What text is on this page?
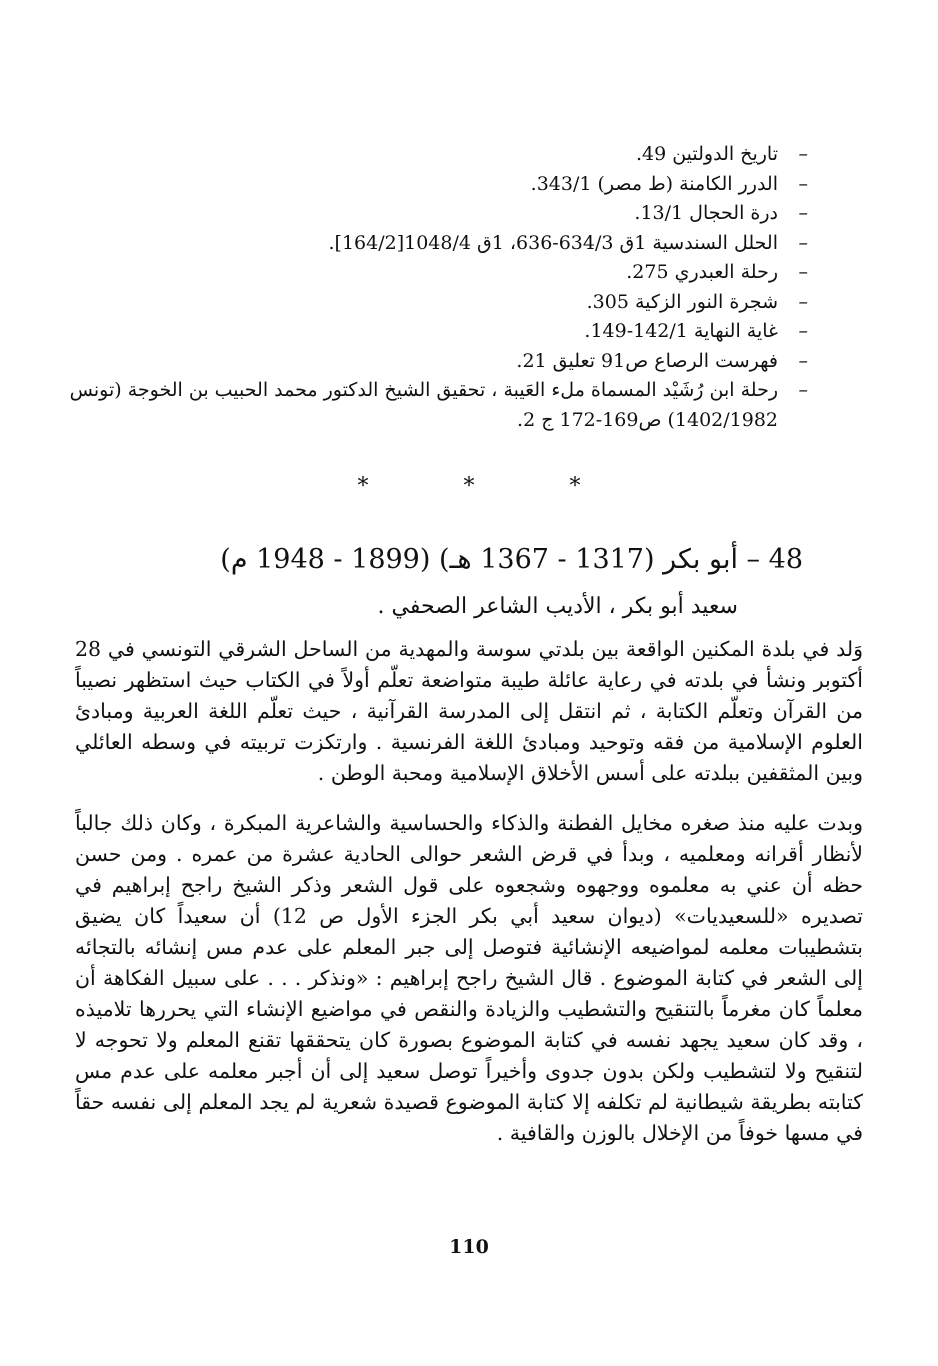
–
تاريخ الدولتين 49.
–
الدرر الكامنة (ط مصر) 343/1.
–
درة الحجال 13/1.
–
الحلل السندسية 1ق 634/3-636، 1ق 1048/4[164/2].
–
رحلة العبدري 275.
–
شجرة النور الزكية 305.
–
غاية النهاية 142/1-149.
–
فهرست الرصاع ص91 تعليق 21.
–
رحلة ابن رُشَيْد المسماة ملء العَيبة ، تحقيق الشيخ الدكتور محمد الحبيب بن الخوجة (تونس 1402/1982) ص169-172 ج 2.
* * *
48 – أبو بكر (1317 - 1367 هـ) (1899 - 1948 م)
سعيد أبو بكر ، الأديب الشاعر الصحفي .

وَلد في بلدة المكنين الواقعة بين بلدتي سوسة والمهدية من الساحل الشرقي التونسي في 28 أكتوبر ونشأ في بلدته في رعاية عائلة طيبة متواضعة تعلّم أولاً في الكتاب حيث استظهر نصيباً من القرآن وتعلّم الكتابة ، ثم انتقل إلى المدرسة القرآنية ، حيث تعلّم اللغة العربية ومبادئ العلوم الإسلامية من فقه وتوحيد ومبادئ اللغة الفرنسية . وارتكزت تربيته في وسطه العائلي وبين المثقفين ببلدته على أسس الأخلاق الإسلامية ومحبة الوطن .

وبدت عليه منذ صغره مخايل الفطنة والذكاء والحساسية والشاعرية المبكرة ، وكان ذلك جالباً لأنظار أقرانه ومعلميه ، وبدأ في قرض الشعر حوالى الحادية عشرة من عمره . ومن حسن حظه أن عني به معلموه ووجهوه وشجعوه على قول الشعر وذكر الشيخ راجح إبراهيم في تصديره «للسعيديات» (ديوان سعيد أبي بكر الجزء الأول ص 12) أن سعيداً كان يضيق بتشطيبات معلمه لمواضيعه الإنشائية فتوصل إلى جبر المعلم على عدم مس إنشائه بالتجائه إلى الشعر في كتابة الموضوع . قال الشيخ راجح إبراهيم : «ونذكر . . . على سبيل الفكاهة أن معلماً كان مغرماً بالتنقيح والتشطيب والزيادة والنقص في مواضيع الإنشاء التي يحررها تلاميذه ، وقد كان سعيد يجهد نفسه في كتابة الموضوع بصورة كان يتحققها تقنع المعلم ولا تحوجه لا لتنقيح ولا لتشطيب ولكن بدون جدوى وأخيراً توصل سعيد إلى أن أجبر معلمه على عدم مس كتابته بطريقة شيطانية لم تكلفه إلا كتابة الموضوع قصيدة شعرية لم يجد المعلم إلى نفسه حقاً في مسها خوفاً من الإخلال بالوزن والقافية .

110
